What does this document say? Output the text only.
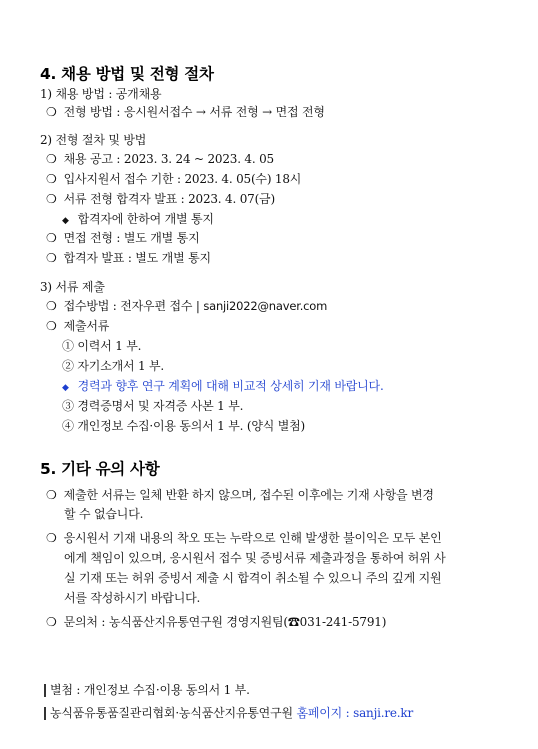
4. 채용 방법 및 전형 절차
1) 채용 방법 : 공개채용
❍ 전형 방법 : 응시원서접수 → 서류 전형 → 면접 전형
2) 전형 절차 및 방법
❍ 채용 공고 : 2023. 3. 24 ~ 2023. 4. 05
❍ 입사지원서 접수 기한 : 2023. 4. 05(수) 18시
❍ 서류 전형 합격자 발표 : 2023. 4. 07(금)
◆ 합격자에 한하여 개별 통지
❍ 면접 전형 : 별도 개별 통지
❍ 합격자 발표 : 별도 개별 통지
3) 서류 제출
❍ 접수방법 : 전자우편 접수 | sanji2022@naver.com
❍ 제출서류
① 이력서 1 부.
② 자기소개서 1 부.
◆ 경력과 향후 연구 계획에 대해 비교적 상세히 기재 바랍니다.
③ 경력증명서 및 자격증 사본 1 부.
④ 개인정보 수집·이용 동의서 1 부. (양식 별첨)
5. 기타 유의 사항
❍ 제출한 서류는 일체 반환 하지 않으며, 접수된 이후에는 기재 사항을 변경
할 수 없습니다.
❍ 응시원서 기재 내용의 착오 또는 누락으로 인해 발생한 불이익은 모두 본인
에게 책임이 있으며, 응시원서 접수 및 증빙서류 제출과정을 통하여 허위 사
실 기재 또는 허위 증빙서 제출 시 합격이 취소될 수 있으니 주의 깊게 지원
서를 작성하시기 바랍니다.
❍ 문의처 : 농식품산지유통연구원 경영지원팀(☎031-241-5791)
별첨 : 개인정보 수집·이용 동의서 1 부.
농식품유통품질관리협회·농식품산지유통연구원 홈페이지 : sanji.re.kr
